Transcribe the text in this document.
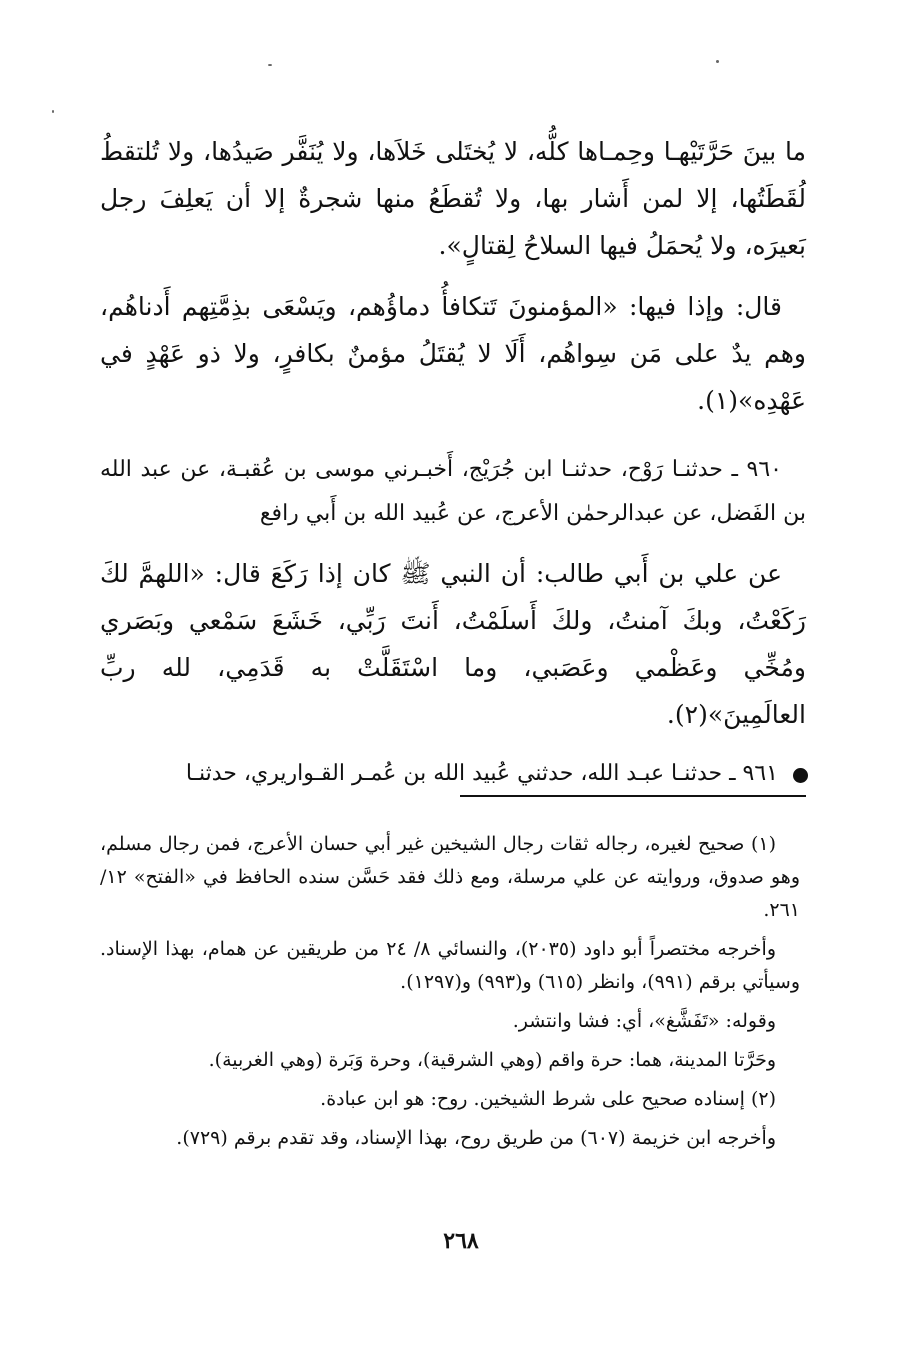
ما بينَ حَرَّتَيْهـا وحِمـاها كلُّه، لا يُختَلى خَلاَها، ولا يُنَفَّر صَيدُها، ولا تُلتقطُ لُقَطَتُها، إلا لمن أَشار بها، ولا تُقطَعُ منها شجرةٌ إلا أن يَعلِفَ رجل بَعيرَه، ولا يُحمَلُ فيها السلاحُ لِقتالٍ».

قال: وإذا فيها: «المؤمنونَ تَتكافأُ دماؤُهم، ويَسْعَى بذِمَّتِهم أَدناهُم، وهم يدٌ على مَن سِواهُم، أَلَا لا يُقتَلُ مؤمنٌ بكافرٍ، ولا ذو عَهْدٍ في عَهْدِه»(١).

٩٦٠ ـ حدثنـا رَوْح، حدثنـا ابن جُرَيْج، أَخبـرني موسى بن عُقبـة، عن عبد الله بن الفَضل، عن عبدالرحمٰن الأعرج، عن عُبيد الله بن أَبي رافع

عن علي بن أَبي طالب: أن النبي ﷺ كان إذا رَكَعَ قال: «اللهمَّ لكَ رَكَعْتُ، وبكَ آمنتُ، ولكَ أَسلَمْتُ، أَنتَ رَبِّي، خَشَعَ سَمْعي وبَصَري ومُخِّي وعَظْمي وعَصَبي، وما اسْتَقَلَّتْ به قَدَمِي، لله ربِّ العالَمِينَ»(٢).

٩٦١ ـ حدثنـا عبـد الله، حدثني عُبيد الله بن عُمـر القـواريري، حدثنـا

(١) صحيح لغيره، رجاله ثقات رجال الشيخين غير أبي حسان الأعرج، فمن رجال مسلم، وهو صدوق، وروايته عن علي مرسلة، ومع ذلك فقد حَسَّن سنده الحافظ في «الفتح» ١٢/ ٢٦١.

وأخرجه مختصراً أبو داود (٢٠٣٥)، والنسائي ٨/ ٢٤ من طريقين عن همام، بهذا الإسناد. وسيأتي برقم (٩٩١)، وانظر (٦١٥) و(٩٩٣) و(١٢٩٧).

وقوله: «تَفَشَّغ»، أي: فشا وانتشر.

وحَرَّتا المدينة، هما: حرة واقم (وهي الشرقية)، وحرة وَبَرة (وهي الغربية).

(٢) إسناده صحيح على شرط الشيخين. روح: هو ابن عبادة.

وأخرجه ابن خزيمة (٦٠٧) من طريق روح، بهذا الإسناد، وقد تقدم برقم (٧٢٩).

٢٦٨
